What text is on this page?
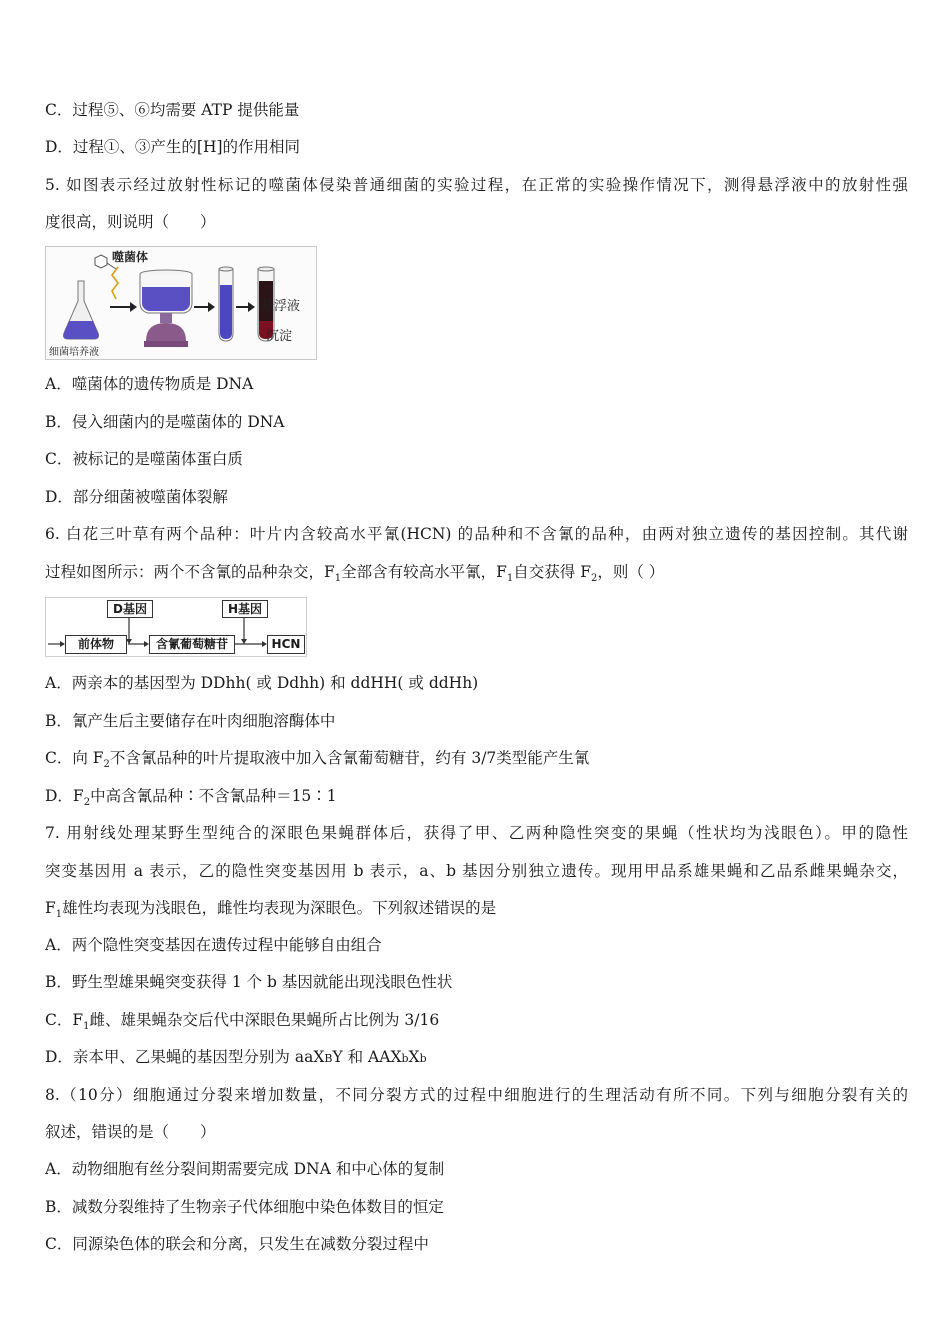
C．过程⑤、⑥均需要 ATP 提供能量
D．过程①、③产生的[H]的作用相同
5. 如图表示经过放射性标记的噬菌体侵染普通细菌的实验过程，在正常的实验操作情况下，测得悬浮液中的放射性强
度很高，则说明（　　）
噬菌体
细菌培养液
悬浮液
沉淀
A．噬菌体的遗传物质是 DNA
B．侵入细菌内的是噬菌体的 DNA
C．被标记的是噬菌体蛋白质
D．部分细菌被噬菌体裂解
6. 白花三叶草有两个品种：叶片内含较高水平氰(HCN) 的品种和不含氰的品种，由两对独立遗传的基因控制。其代谢
过程如图所示：两个不含氰的品种杂交，$F_1$全部含有较高水平氰，$F_1$自交获得 $F_2$，则（ ）
D基因	H基因
前体物	含氰葡萄糖苷	HCN
A．两亲本的基因型为 DDhh( 或 Ddhh) 和 ddHH( 或 ddHh)
B．氰产生后主要储存在叶肉细胞溶酶体中
C．向 $F_2$不含氰品种的叶片提取液中加入含氰葡萄糖苷，约有 3/7类型能产生氰
D．$F_2$中高含氰品种∶不含氰品种＝15∶1
7. 用射线处理某野生型纯合的深眼色果蝇群体后，获得了甲、乙两种隐性突变的果蝇（性状均为浅眼色）。甲的隐性
突变基因用 a 表示，乙的隐性突变基因用 b 表示，a、b 基因分别独立遗传。现用甲品系雄果蝇和乙品系雌果蝇杂交，
$F_1$雄性均表现为浅眼色，雌性均表现为深眼色。下列叙述错误的是
A．两个隐性突变基因在遗传过程中能够自由组合
B．野生型雄果蝇突变获得 1 个 b 基因就能出现浅眼色性状
C．$F_1$雌、雄果蝇杂交后代中深眼色果蝇所占比例为 3/16
D．亲本甲、乙果蝇的基因型分别为 aaXBY 和 AAXbXb
8.（10分）细胞通过分裂来增加数量，不同分裂方式的过程中细胞进行的生理活动有所不同。下列与细胞分裂有关的
叙述，错误的是（　　）
A．动物细胞有丝分裂间期需要完成 DNA 和中心体的复制
B．减数分裂维持了生物亲子代体细胞中染色体数目的恒定
C．同源染色体的联会和分离，只发生在减数分裂过程中
